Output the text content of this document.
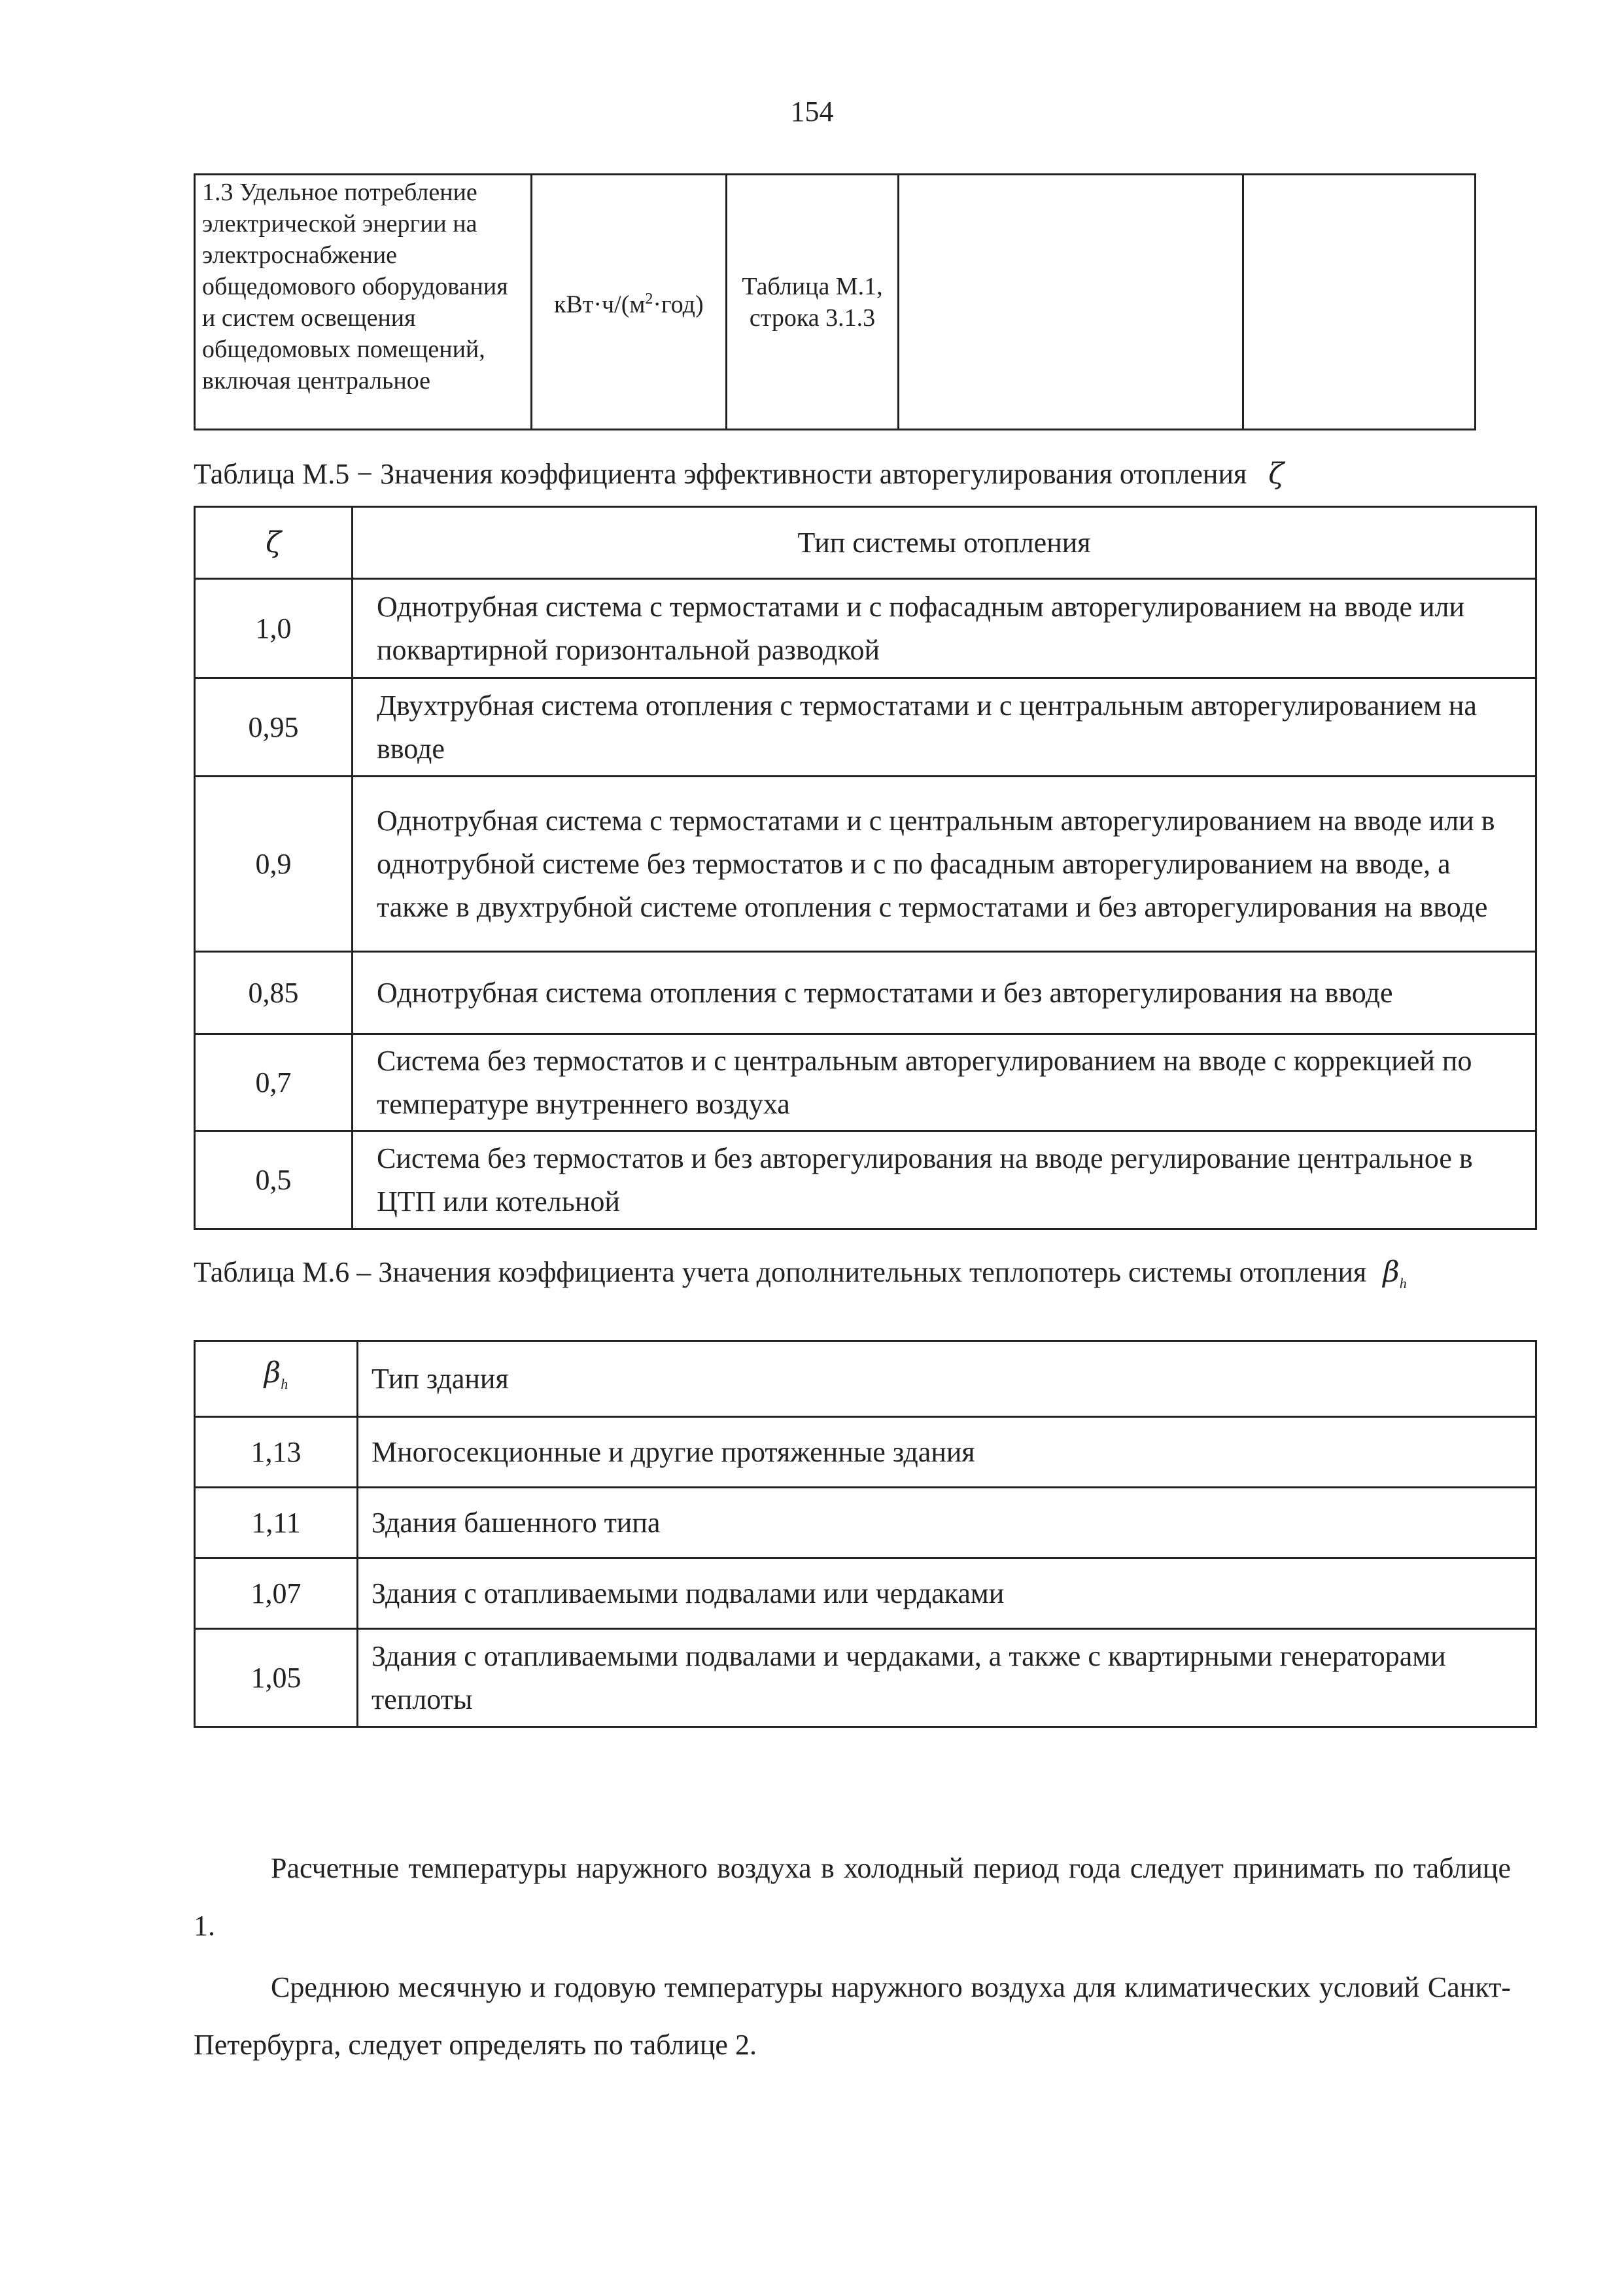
154
1.3 Удельное потребление электрической энергии на электроснабжение общедомового оборудования и систем освещения общедомовых помещений, включая центральное	$кВт\cdot ч/(м^2\cdot год)$	Таблица М.1, строка 3.1.3		
Таблица М.5 − Значения коэффициента эффективности авторегулирования отопления ζ
ζ	Тип системы отопления
1,0	Однотрубная система с термостатами и с пофасадным авторегулированием на вводе или поквартирной горизонтальной разводкой
0,95	Двухтрубная система отопления с термостатами и с центральным авторегулированием на вводе
0,9	Однотрубная система с термостатами и с центральным авторегулированием на вводе или в однотрубной системе без термостатов и с по фасадным авторегулированием на вводе, а также в двухтрубной системе отопления с термостатами и без авторегулирования на вводе
0,85	Однотрубная система отопления с термостатами и без авторегулирования на вводе
0,7	Система без термостатов и с центральным авторегулированием на вводе с коррекцией по температуре внутреннего воздуха
0,5	Система без термостатов и без авторегулирования на вводе регулирование центральное в ЦТП или котельной
Таблица М.6 – Значения коэффициента учета дополнительных теплопотерь системы отопления $\beta_h$
$\beta_h$	Тип здания
1,13	Многосекционные и другие протяженные здания
1,11	Здания башенного типа
1,07	Здания с отапливаемыми подвалами или чердаками
1,05	Здания с отапливаемыми подвалами и чердаками, а также с квартирными генераторами теплоты

Расчетные температуры наружного воздуха в холодный период года следует принимать по таблице 1.

Среднюю месячную и годовую температуры наружного воздуха для климатических условий Санкт-Петербурга, следует определять по таблице 2.
